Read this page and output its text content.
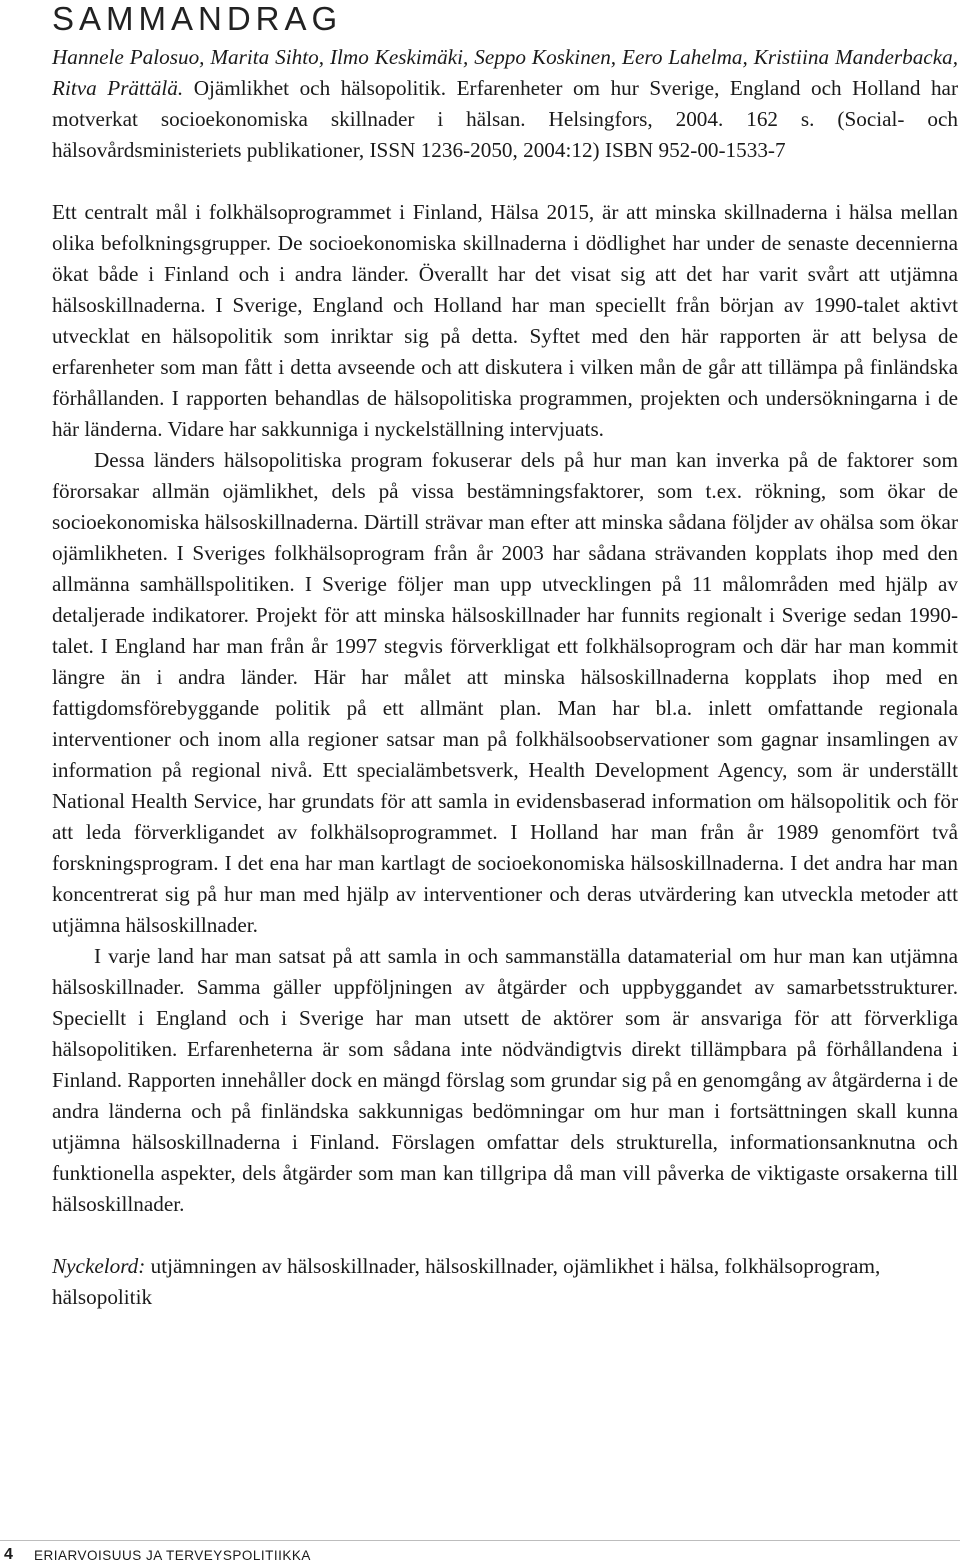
SAMMANDRAG

Hannele Palosuo, Marita Sihto, Ilmo Keskimäki, Seppo Koskinen, Eero Lahelma, Kristiina Manderbacka, Ritva Prättälä. Ojämlikhet och hälsopolitik. Erfarenheter om hur Sverige, England och Holland har motverkat socioekonomiska skillnader i hälsan. Helsingfors, 2004. 162 s. (Social- och hälsovårdsministeriets publikationer, ISSN 1236-2050, 2004:12) ISBN 952-00-1533-7

Ett centralt mål i folkhälsoprogrammet i Finland, Hälsa 2015, är att minska skillnaderna i hälsa mellan olika befolkningsgrupper. De socioekonomiska skillnaderna i dödlighet har under de senaste decennierna ökat både i Finland och i andra länder. Överallt har det visat sig att det har varit svårt att utjämna hälsoskillnaderna. I Sverige, England och Holland har man speciellt från början av 1990-talet aktivt utvecklat en hälsopolitik som inriktar sig på detta. Syftet med den här rapporten är att belysa de erfarenheter som man fått i detta avseende och att diskutera i vilken mån de går att tillämpa på finländska förhållanden. I rapporten behandlas de hälsopolitiska programmen, projekten och undersökningarna i de här länderna. Vidare har sakkunniga i nyckelställning intervjuats.

Dessa länders hälsopolitiska program fokuserar dels på hur man kan inverka på de faktorer som förorsakar allmän ojämlikhet, dels på vissa bestämningsfaktorer, som t.ex. rökning, som ökar de socioekonomiska hälsoskillnaderna. Därtill strävar man efter att minska sådana följder av ohälsa som ökar ojämlikheten. I Sveriges folkhälsoprogram från år 2003 har sådana strävanden kopplats ihop med den allmänna samhällspolitiken. I Sverige följer man upp utvecklingen på 11 målområden med hjälp av detaljerade indikatorer. Projekt för att minska hälsoskillnader har funnits regionalt i Sverige sedan 1990-talet. I England har man från år 1997 stegvis förverkligat ett folkhälsoprogram och där har man kommit längre än i andra länder. Här har målet att minska hälsoskillnaderna kopplats ihop med en fattigdomsförebyggande politik på ett allmänt plan. Man har bl.a. inlett omfattande regionala interventioner och inom alla regioner satsar man på folkhälsoobservationer som gagnar insamlingen av information på regional nivå. Ett specialämbetsverk, Health Development Agency, som är underställt National Health Service, har grundats för att samla in evidensbaserad information om hälsopolitik och för att leda förverkligandet av folkhälsoprogrammet. I Holland har man från år 1989 genomfört två forskningsprogram. I det ena har man kartlagt de socioekonomiska hälsoskillnaderna. I det andra har man koncentrerat sig på hur man med hjälp av interventioner och deras utvärdering kan utveckla metoder att utjämna hälsoskillnader.

I varje land har man satsat på att samla in och sammanställa datamaterial om hur man kan utjämna hälsoskillnader. Samma gäller uppföljningen av åtgärder och uppbyggandet av samarbetsstrukturer. Speciellt i England och i Sverige har man utsett de aktörer som är ansvariga för att förverkliga hälsopolitiken. Erfarenheterna är som sådana inte nödvändigtvis direkt tillämpbara på förhållandena i Finland. Rapporten innehåller dock en mängd förslag som grundar sig på en genomgång av åtgärderna i de andra länderna och på finländska sakkunnigas bedömningar om hur man i fortsättningen skall kunna utjämna hälsoskillnaderna i Finland. Förslagen omfattar dels strukturella, informationsanknutna och funktionella aspekter, dels åtgärder som man kan tillgripa då man vill påverka de viktigaste orsakerna till hälsoskillnader.

Nyckelord: utjämningen av hälsoskillnader, hälsoskillnader, ojämlikhet i hälsa, folkhälsoprogram, hälsopolitik

4 ERIARVOISUUS JA TERVEYSPOLITIIKKA
